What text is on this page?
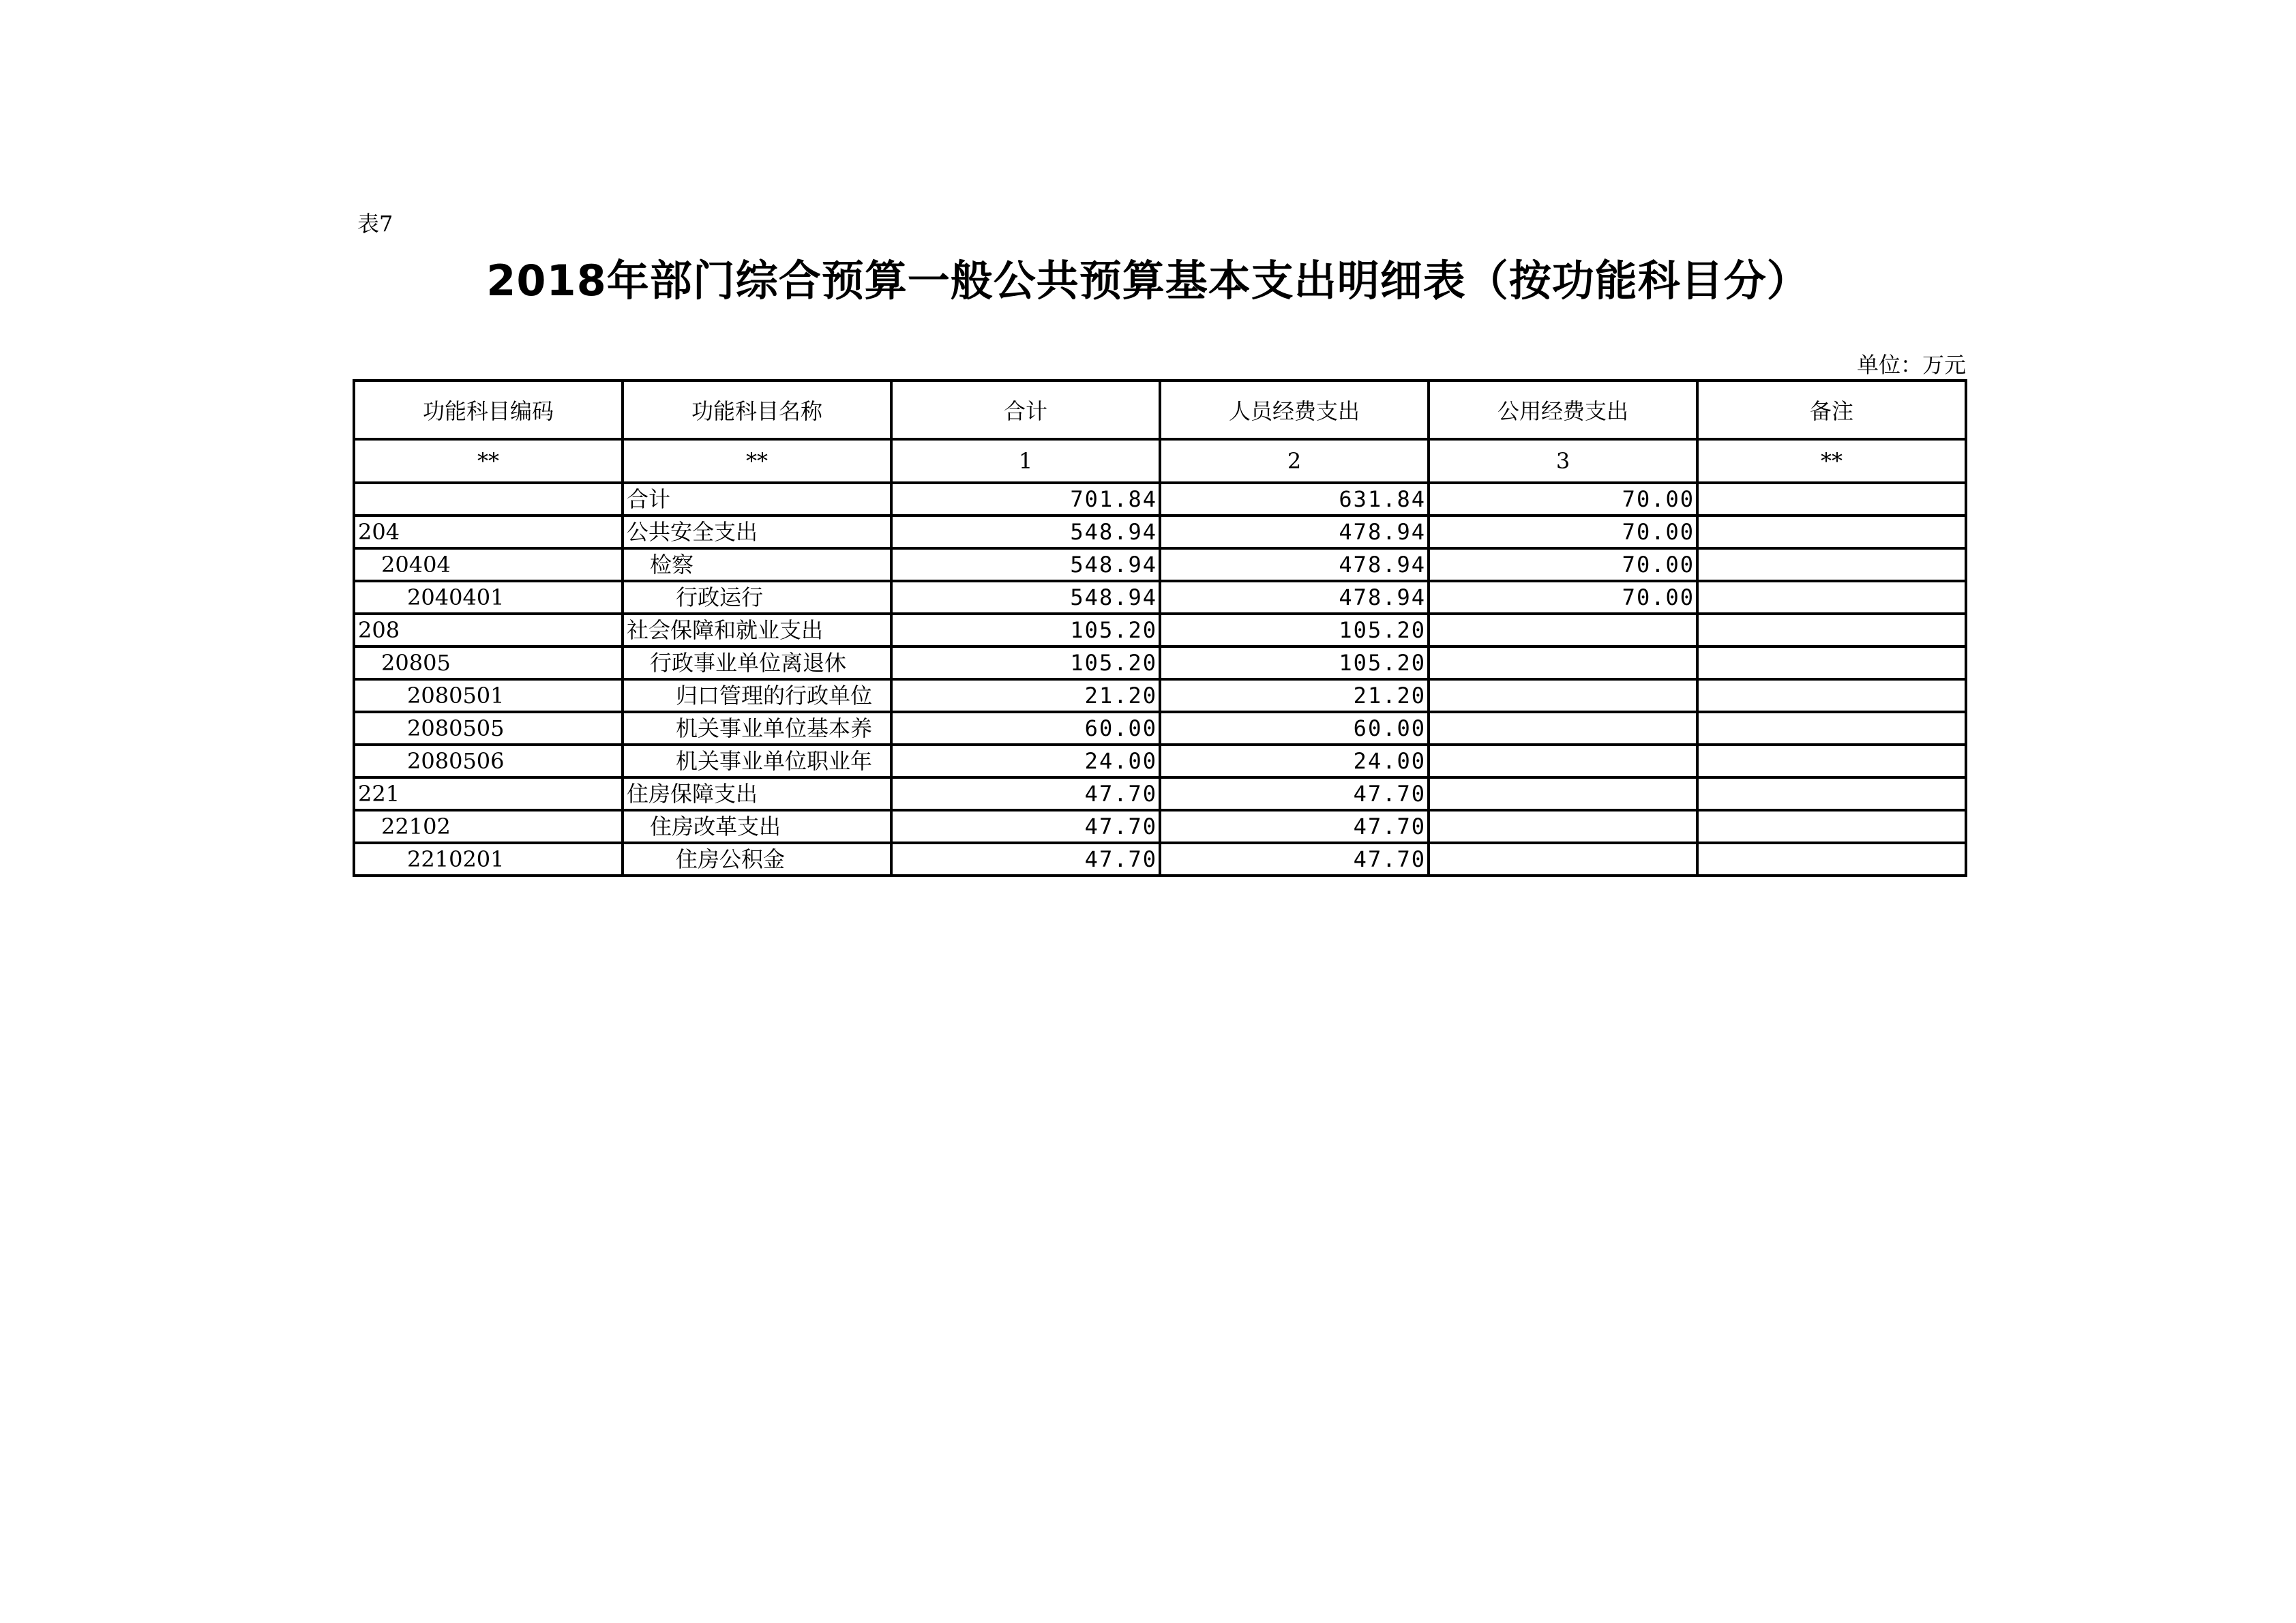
表7
2018年部门综合预算一般公共预算基本支出明细表（按功能科目分）
单位：万元
功能科目编码	功能科目名称	合计	人员经费支出	公用经费支出	备注
**	**	1	2	3	**
	合计	701.84	631.84	70.00	
204	公共安全支出	548.94	478.94	70.00	
20404	检察	548.94	478.94	70.00	
2040401	行政运行	548.94	478.94	70.00	
208	社会保障和就业支出	105.20	105.20		
20805	行政事业单位离退休	105.20	105.20		
2080501	归口管理的行政单位	21.20	21.20		
2080505	机关事业单位基本养	60.00	60.00		
2080506	机关事业单位职业年	24.00	24.00		
221	住房保障支出	47.70	47.70		
22102	住房改革支出	47.70	47.70		
2210201	住房公积金	47.70	47.70		
